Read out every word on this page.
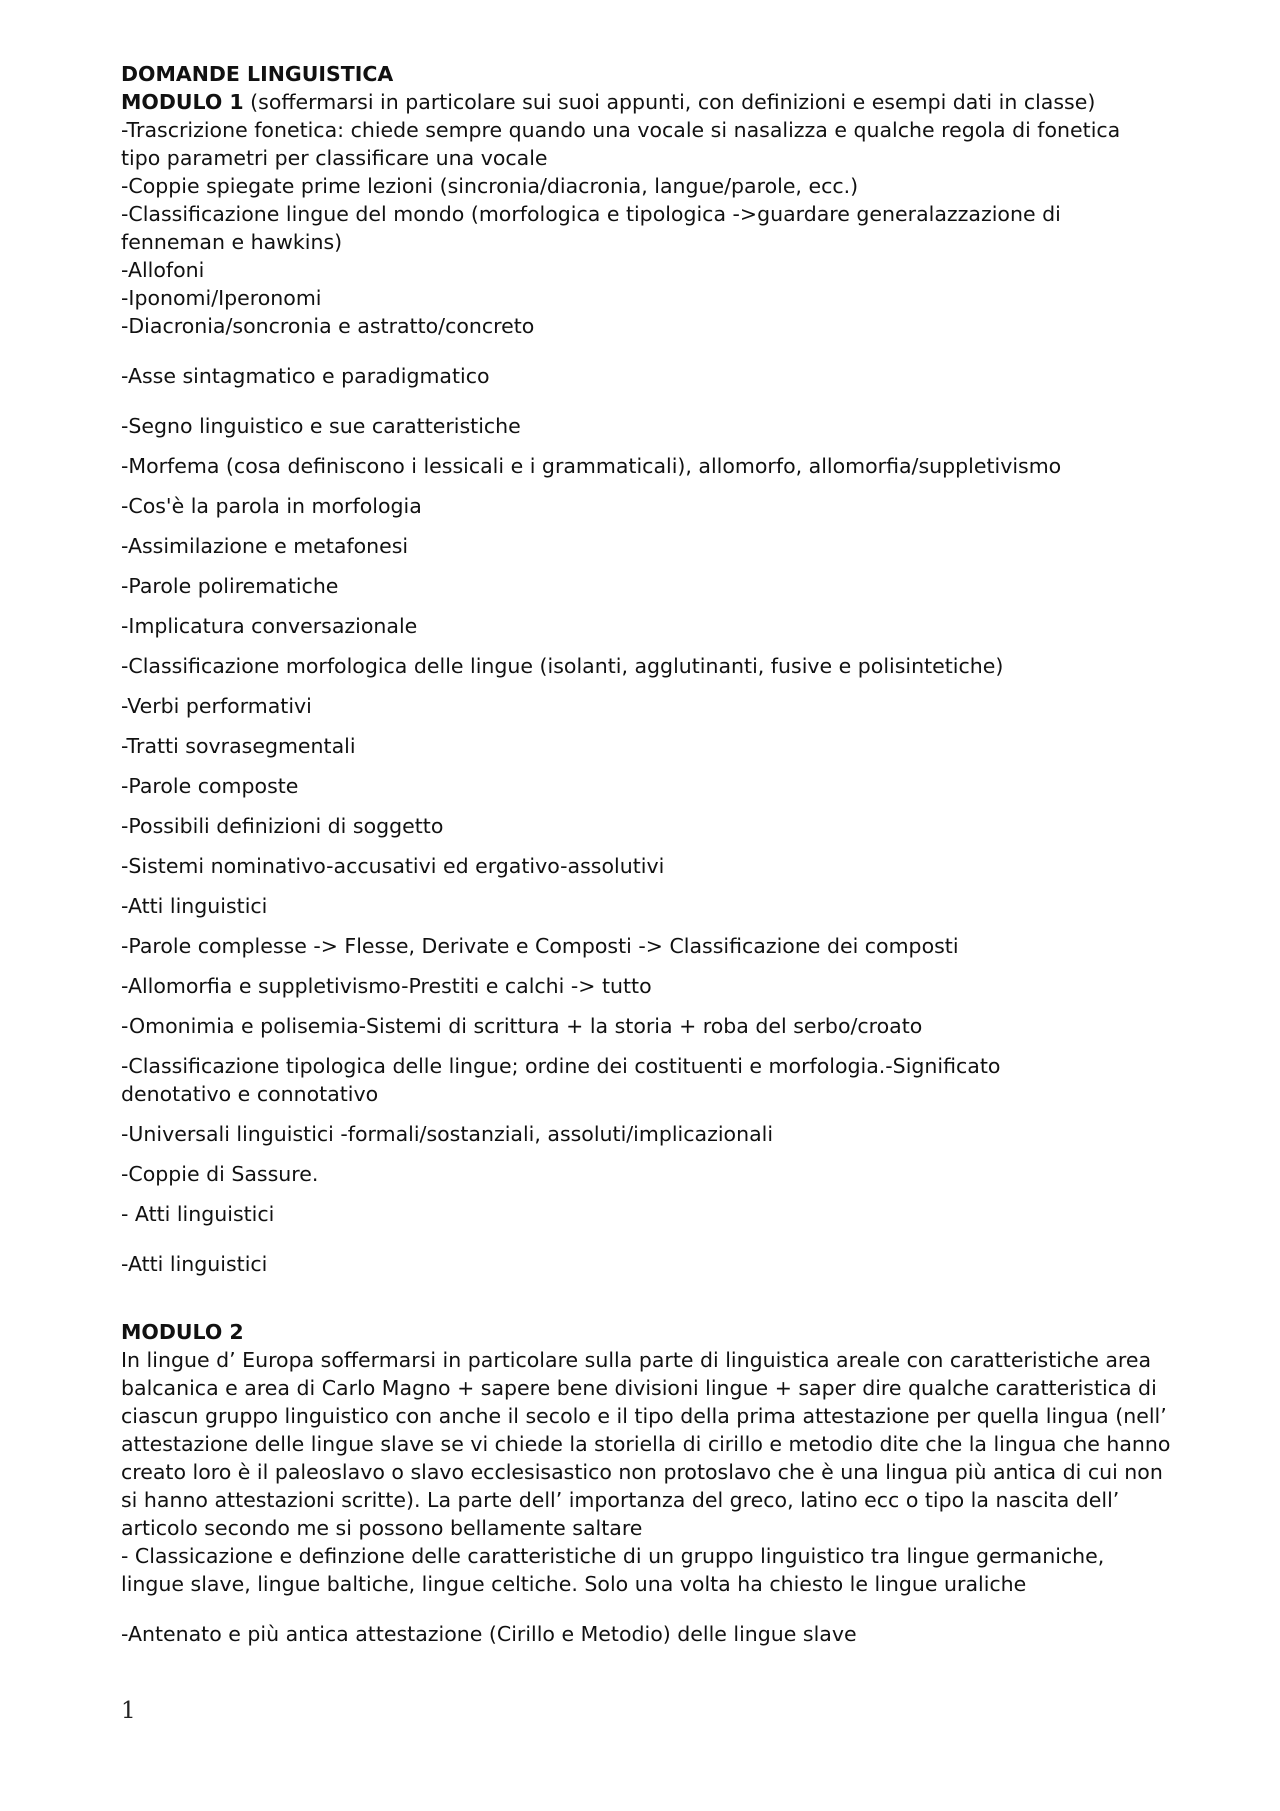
DOMANDE LINGUISTICA

MODULO 1 (soffermarsi in particolare sui suoi appunti, con definizioni e esempi dati in classe)

-Trascrizione fonetica: chiede sempre quando una vocale si nasalizza e qualche regola di fonetica tipo parametri per classificare una vocale

-Coppie spiegate prime lezioni (sincronia/diacronia, langue/parole, ecc.)

-Classificazione lingue del mondo (morfologica e tipologica ->guardare generalazzazione di fenneman e hawkins)

-Allofoni

-Iponomi/Iperonomi

-Diacronia/soncronia e astratto/concreto

-Asse sintagmatico e paradigmatico

-Segno linguistico e sue caratteristiche

-Morfema (cosa definiscono i lessicali e i grammaticali), allomorfo, allomorfia/suppletivismo

-Cos'è la parola in morfologia

-Assimilazione e metafonesi

-Parole polirematiche

-Implicatura conversazionale

-Classificazione morfologica delle lingue (isolanti, agglutinanti, fusive e polisintetiche)

-Verbi performativi

-Tratti sovrasegmentali

-Parole composte

-Possibili definizioni di soggetto

-Sistemi nominativo-accusativi ed ergativo-assolutivi

-Atti linguistici

-Parole complesse -> Flesse, Derivate e Composti -> Classificazione dei composti

-Allomorfia e suppletivismo-Prestiti e calchi -> tutto

-Omonimia e polisemia-Sistemi di scrittura + la storia + roba del serbo/croato

-Classificazione tipologica delle lingue; ordine dei costituenti e morfologia.-Significato denotativo e connotativo

-Universali linguistici -formali/sostanziali, assoluti/implicazionali

-Coppie di Sassure.

- Atti linguistici

-Atti linguistici

MODULO 2

In lingue d’ Europa soffermarsi in particolare sulla parte di linguistica areale con caratteristiche area balcanica e area di Carlo Magno + sapere bene divisioni lingue + saper dire qualche caratteristica di ciascun gruppo linguistico con anche il secolo e il tipo della prima attestazione per quella lingua (nell’ attestazione delle lingue slave se vi chiede la storiella di cirillo e metodio dite che la lingua che hanno creato loro è il paleoslavo o slavo ecclesisastico non protoslavo che è una lingua più antica di cui non si hanno attestazioni scritte). La parte dell’ importanza del greco, latino ecc o tipo la nascita dell’ articolo secondo me si possono bellamente saltare

- Classicazione e definzione delle caratteristiche di un gruppo linguistico tra lingue germaniche, lingue slave, lingue baltiche, lingue celtiche. Solo una volta ha chiesto le lingue uraliche

-Antenato e più antica attestazione (Cirillo e Metodio) delle lingue slave

1
